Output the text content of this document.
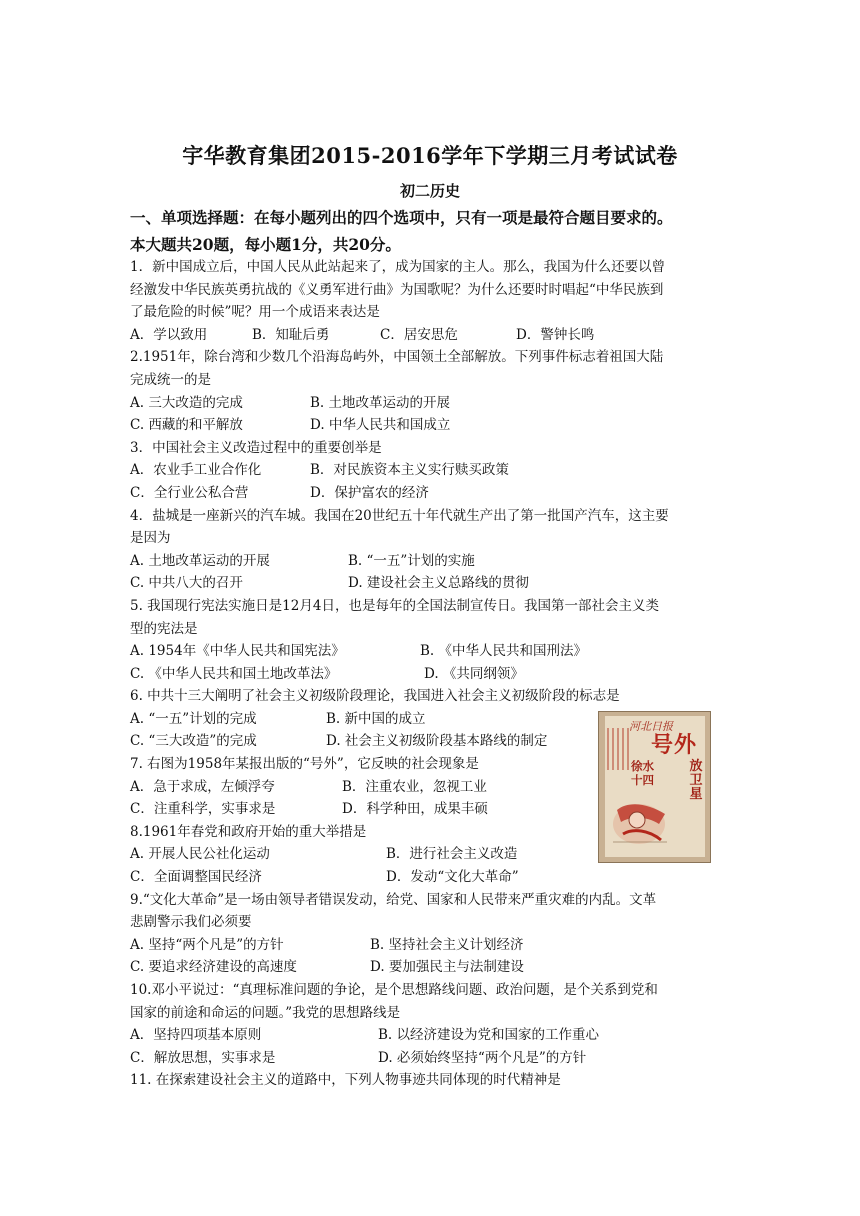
宇华教育集团2015-2016学年下学期三月考试试卷
初二历史
一、单项选择题：在每小题列出的四个选项中，只有一项是最符合题目要求的。
本大题共20题，每小题1分，共20分。
1．新中国成立后，中国人民从此站起来了，成为国家的主人。那么，我国为什么还要以曾
经激发中华民族英勇抗战的《义勇军进行曲》为国歌呢？为什么还要时时唱起“中华民族到
了最危险的时候”呢？用一个成语来表达是
A．学以致用	B．知耻后勇	C．居安思危	D．警钟长鸣
2.1951年，除台湾和少数几个沿海岛屿外，中国领土全部解放。下列事件标志着祖国大陆
完成统一的是
A. 三大改造的完成	B. 土地改革运动的开展
C. 西藏的和平解放	D. 中华人民共和国成立
3．中国社会主义改造过程中的重要创举是
A．农业手工业合作化	B．对民族资本主义实行赎买政策
C．全行业公私合营	D．保护富农的经济
4．盐城是一座新兴的汽车城。我国在20世纪五十年代就生产出了第一批国产汽车，这主要
是因为
A. 土地改革运动的开展	B. “一五”计划的实施
C. 中共八大的召开	D. 建设社会主义总路线的贯彻
5. 我国现行宪法实施日是12月4日，也是每年的全国法制宣传日。我国第一部社会主义类
型的宪法是
A. 1954年《中华人民共和国宪法》	B. 《中华人民共和国刑法》
C. 《中华人民共和国土地改革法》	D. 《共同纲领》
6. 中共十三大阐明了社会主义初级阶段理论，我国进入社会主义初级阶段的标志是
A. “一五”计划的完成	B. 新中国的成立
C. “三大改造”的完成	D. 社会主义初级阶段基本路线的制定
7. 右图为1958年某报出版的“号外”，它反映的社会现象是
A．急于求成，左倾浮夸	B．注重农业，忽视工业
C．注重科学，实事求是	D．科学种田，成果丰硕
8.1961年春党和政府开始的重大举措是
A. 开展人民公社化运动	B．进行社会主义改造
C．全面调整国民经济	D．发动“文化大革命”
9.“文化大革命”是一场由领导者错误发动，给党、国家和人民带来严重灾难的内乱。文革
悲剧警示我们必须要
A. 坚持“两个凡是”的方针	B. 坚持社会主义计划经济
C. 要追求经济建设的高速度	D. 要加强民主与法制建设
10.邓小平说过：“真理标准问题的争论，是个思想路线问题、政治问题，是个关系到党和
国家的前途和命运的问题。”我党的思想路线是
A．坚持四项基本原则	B. 以经济建设为党和国家的工作重心
C．解放思想，实事求是	D. 必须始终坚持“两个凡是”的方针
11. 在探索建设社会主义的道路中，下列人物事迹共同体现的时代精神是
河北日报
号外
徐水
十四
放卫星
